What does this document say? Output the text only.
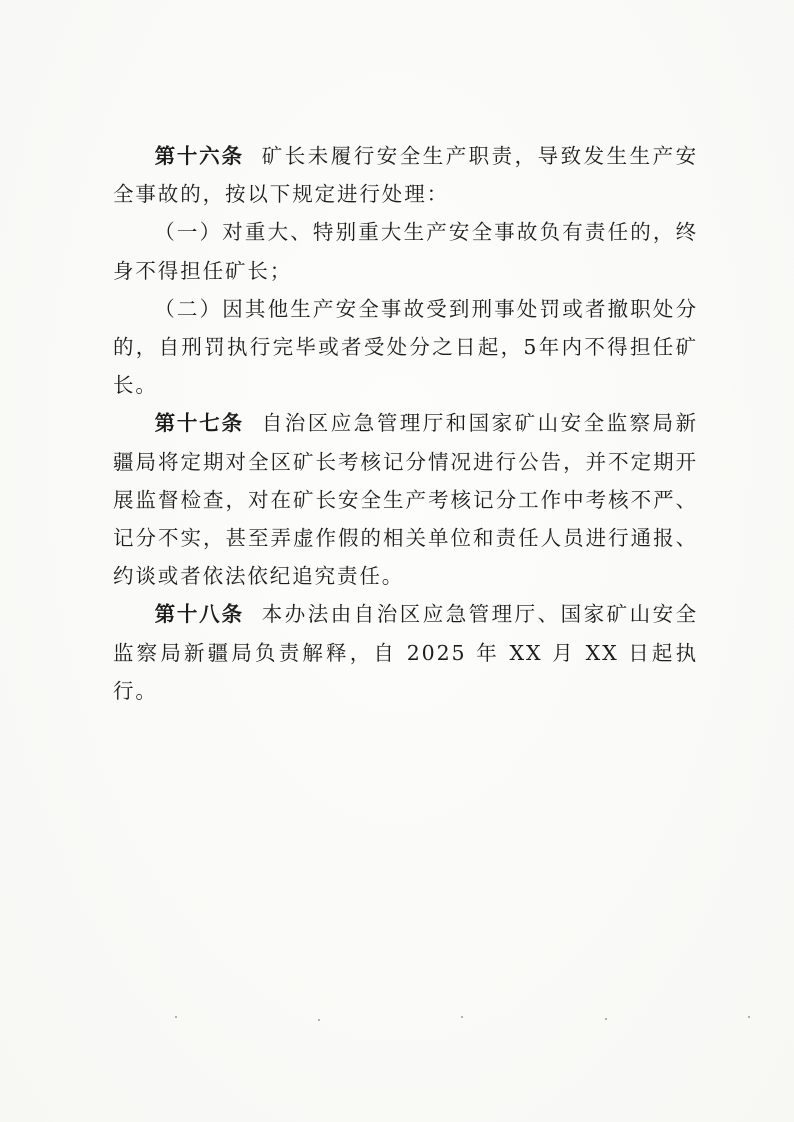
第十六条 矿长未履行安全生产职责，导致发生生产安全事故的，按以下规定进行处理：

（一）对重大、特别重大生产安全事故负有责任的，终身不得担任矿长；

（二）因其他生产安全事故受到刑事处罚或者撤职处分的，自刑罚执行完毕或者受处分之日起，5年内不得担任矿长。

第十七条 自治区应急管理厅和国家矿山安全监察局新疆局将定期对全区矿长考核记分情况进行公告，并不定期开展监督检查，对在矿长安全生产考核记分工作中考核不严、记分不实，甚至弄虚作假的相关单位和责任人员进行通报、约谈或者依法依纪追究责任。

第十八条 本办法由自治区应急管理厅、国家矿山安全监察局新疆局负责解释，自 2025 年 XX 月 XX 日起执行。
